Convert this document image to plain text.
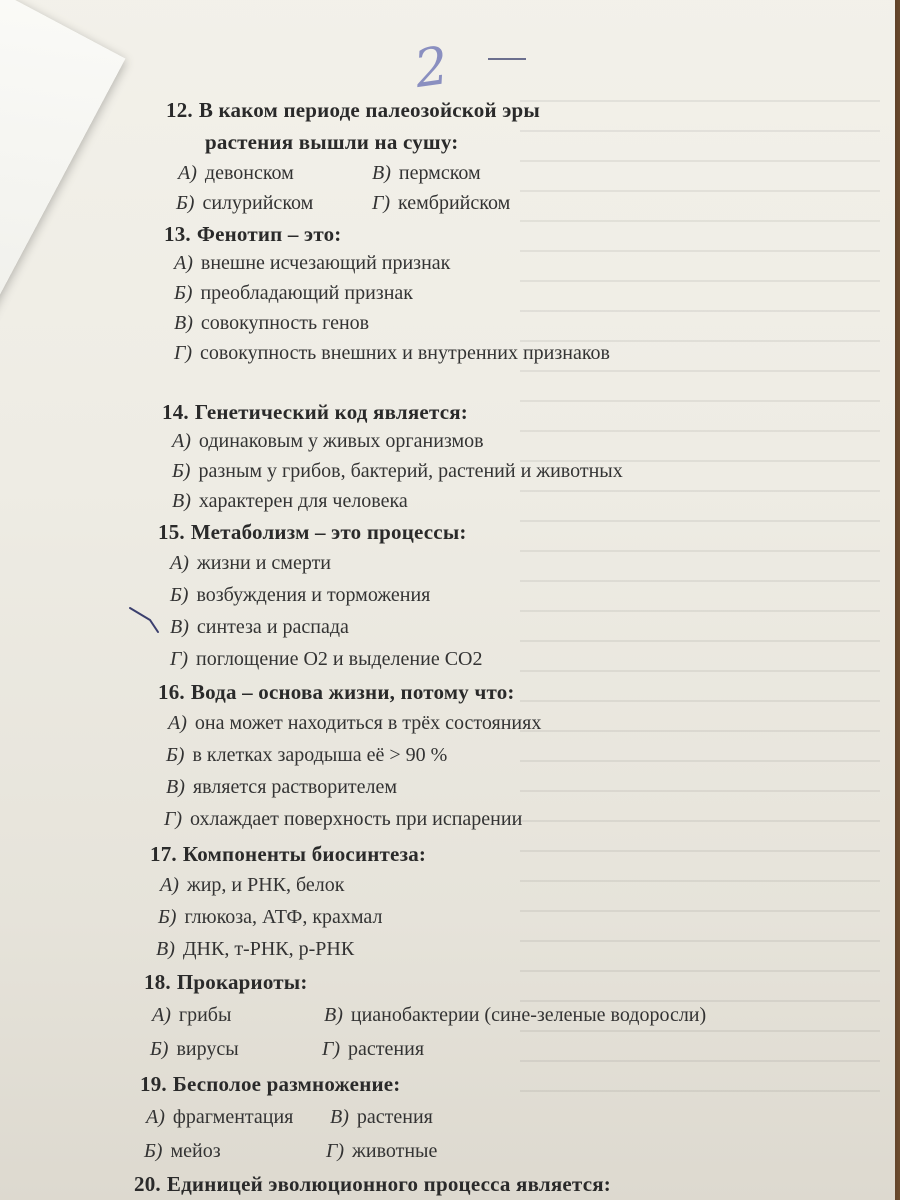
2
12. В каком периоде палеозойской эры
растения вышли на сушу:
А) девонском	В) пермском
Б) силурийском	Г) кембрийском
13. Фенотип – это:
А) внешне исчезающий признак
Б) преобладающий признак
В) совокупность генов
Г) совокупность внешних и внутренних признаков
14. Генетический код является:
А) одинаковым у живых организмов
Б) разным у грибов, бактерий, растений и животных
В) характерен для человека
15. Метаболизм – это процессы:
А) жизни и смерти
Б) возбуждения и торможения
В) синтеза и распада
Г) поглощение О2 и выделение СО2
16. Вода – основа жизни, потому что:
А) она может находиться в трёх состояниях
Б) в клетках зародыша её > 90 %
В) является растворителем
Г) охлаждает поверхность при испарении
17. Компоненты биосинтеза:
А) жир, и РНК, белок
Б) глюкоза, АТФ, крахмал
В) ДНК, т-РНК, р-РНК
18. Прокариоты:
А) грибы	В) цианобактерии (сине-зеленые водоросли)
Б) вирусы	Г) растения
19. Бесполое размножение:
А) фрагментация В) растения
Б) мейоз	Г) животные
20. Единицей эволюционного процесса является:
